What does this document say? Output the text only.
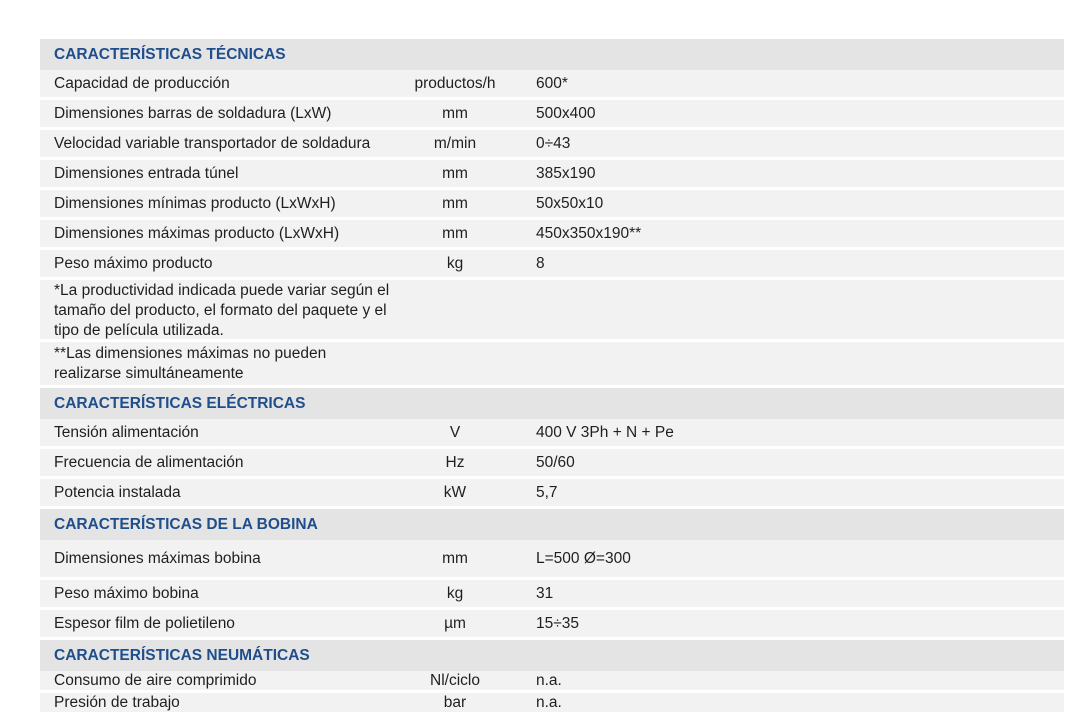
CARACTERÍSTICAS TÉCNICAS
Capacidad de producción	productos/h	600*
Dimensiones barras de soldadura (LxW)	mm	500x400
Velocidad variable transportador de soldadura	m/min	0÷43
Dimensiones entrada túnel	mm	385x190
Dimensiones mínimas producto (LxWxH)	mm	50x50x10
Dimensiones máximas producto (LxWxH)	mm	450x350x190**
Peso máximo producto	kg	8
*La productividad indicada puede variar según el tamaño del producto, el formato del paquete y el tipo de película utilizada.
**Las dimensiones máximas no pueden realizarse simultáneamente
CARACTERÍSTICAS ELÉCTRICAS
Tensión alimentación	V	400 V 3Ph + N + Pe
Frecuencia de alimentación	Hz	50/60
Potencia instalada	kW	5,7
CARACTERÍSTICAS DE LA BOBINA
Dimensiones máximas bobina	mm	L=500 Ø=300
Peso máximo bobina	kg	31
Espesor film de polietileno	µm	15÷35
CARACTERÍSTICAS NEUMÁTICAS
Consumo de aire comprimido	Nl/ciclo	n.a.
Presión de trabajo	bar	n.a.
